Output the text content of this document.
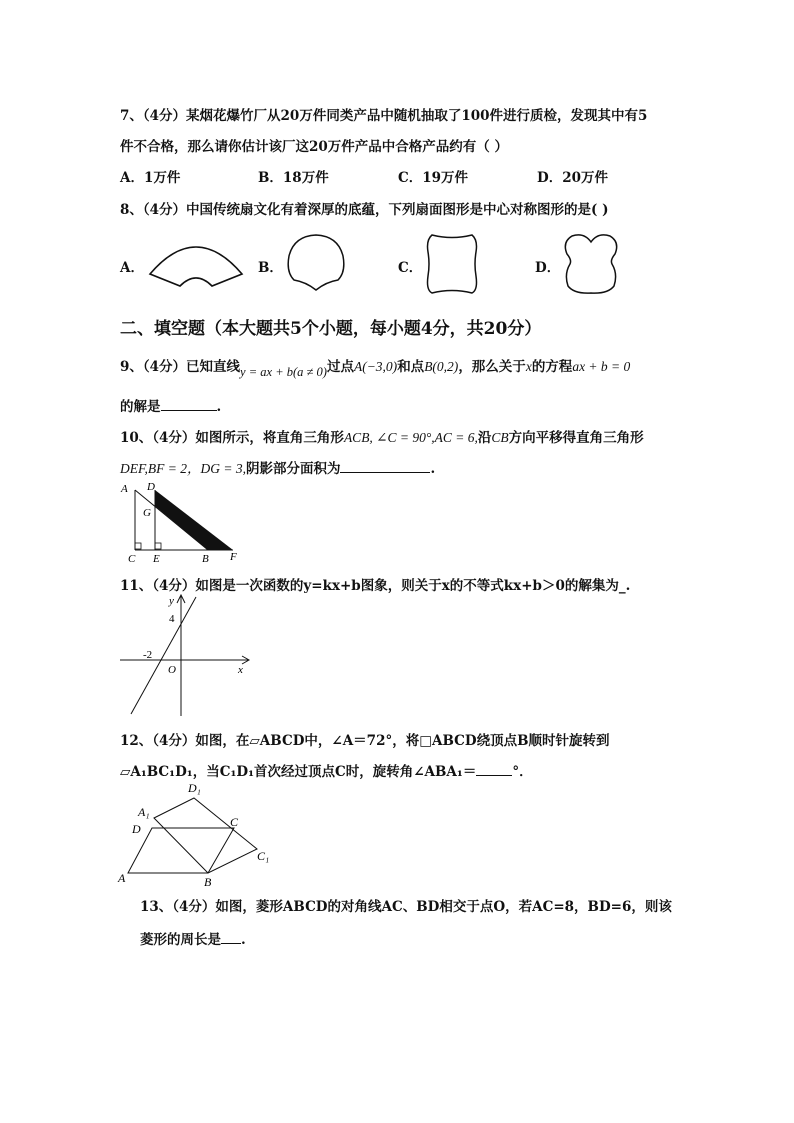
7、（4分）某烟花爆竹厂从20万件同类产品中随机抽取了100件进行质检，发现其中有5
件不合格，那么请你估计该厂这20万件产品中合格产品约有（ ）
A．1万件	B．18万件	C．19万件	D．20万件
8、（4分）中国传统扇文化有着深厚的底蕴，下列扇面图形是中心对称图形的是( )
A．	B．	C．	D．
二、填空题（本大题共5个小题，每小题4分，共20分）
9、（4分）已知直线y = ax + b(a ≠ 0)过点A(−3,0)和点B(0,2)，那么关于x的方程ax + b = 0
的解是	.
10、（4分）如图所示，将直角三角形ACB, ∠C = 90°,AC = 6,沿CB方向平移得直角三角形
DEF,BF = 2，DG = 3,阴影部分面积为	.
A D
G
C E	B F
11、（4分）如图是一次函数的y=kx+b图象，则关于x的不等式kx+b＞0的解集为_.
y
4
-2
O	x
12、（4分）如图，在▱ABCD中，∠A＝72°，将□ABCD绕顶点B顺时针旋转到
▱A₁BC₁D₁，当C₁D₁首次经过顶点C时，旋转角∠ABA₁＝	°．
D₁
A₁
D	C
C₁
A	B
13、（4分）如图，菱形ABCD的对角线AC、BD相交于点O，若AC=8，BD=6，则该
菱形的周长是 .
